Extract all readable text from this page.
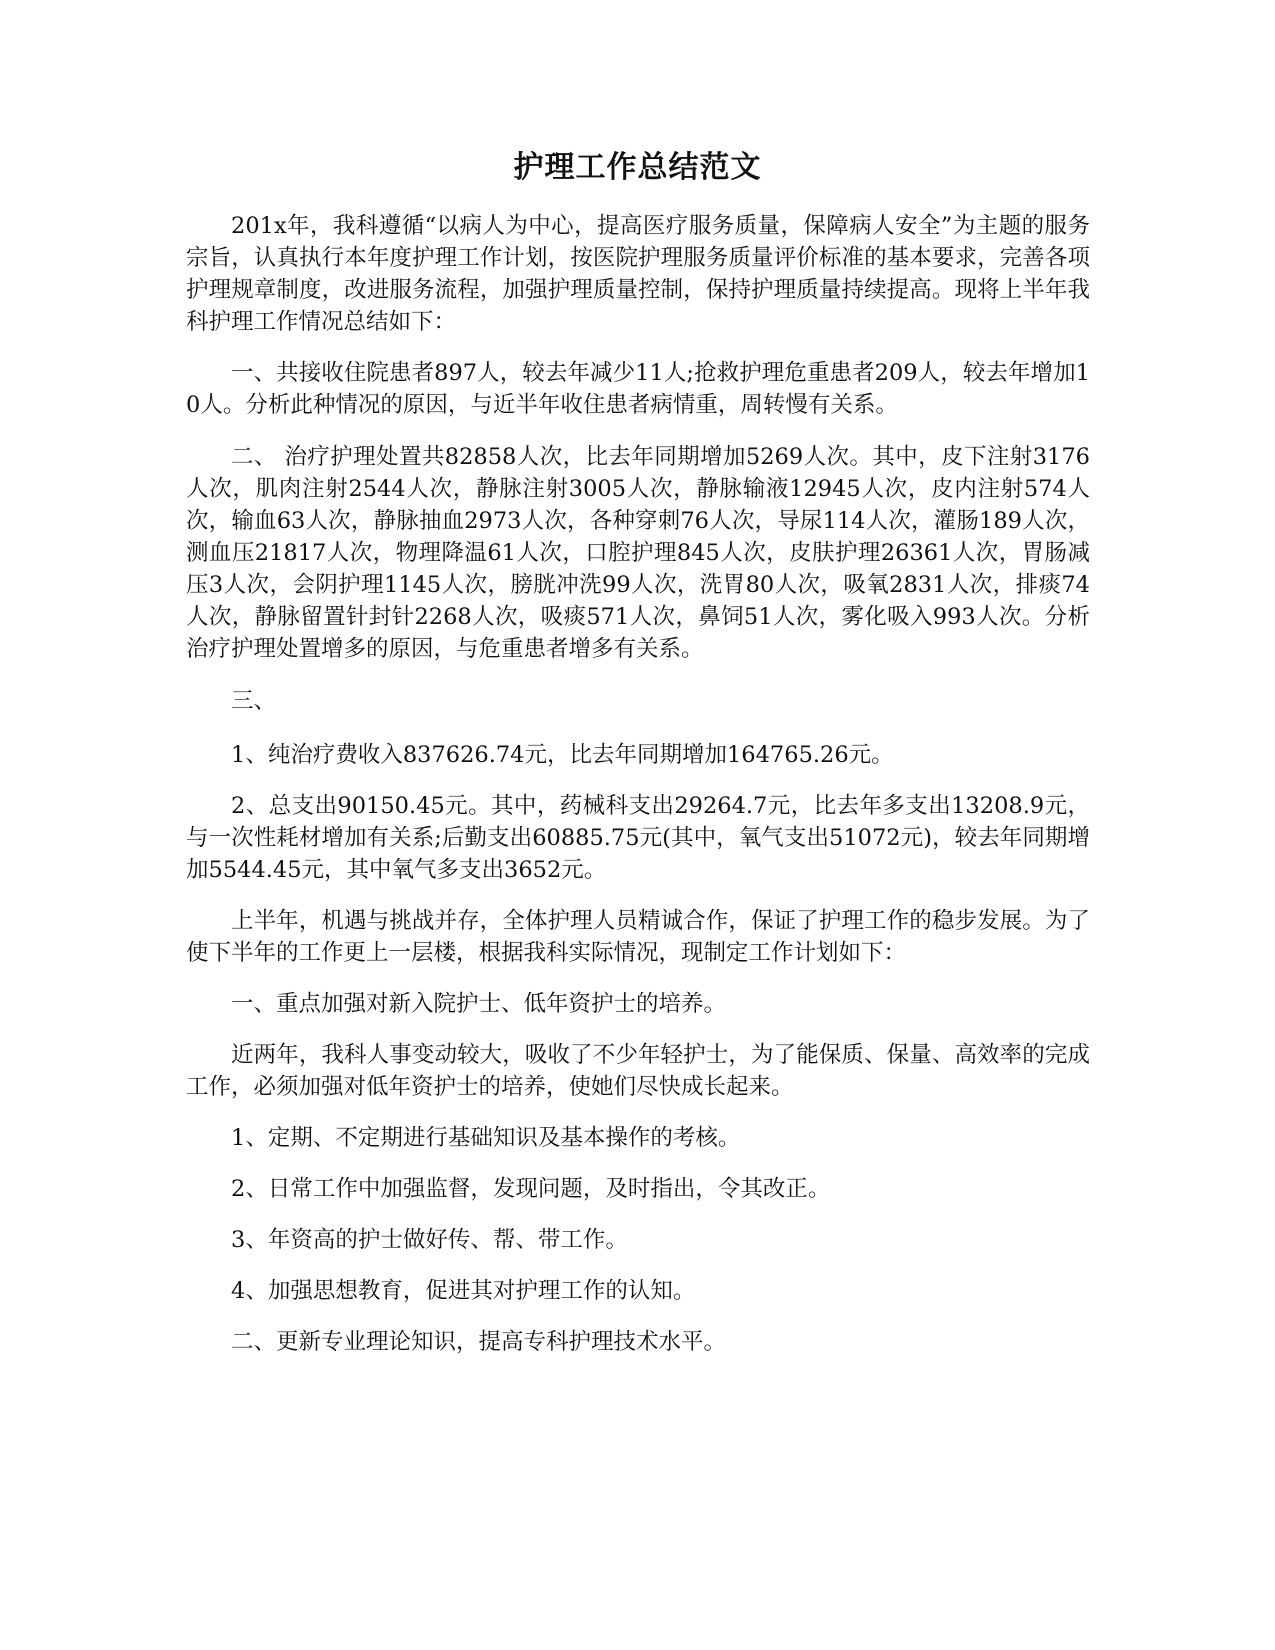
护理工作总结范文

201x年，我科遵循“以病人为中心，提高医疗服务质量，保障病人安全”为主题的服务宗旨，认真执行本年度护理工作计划，按医院护理服务质量评价标准的基本要求，完善各项护理规章制度，改进服务流程，加强护理质量控制，保持护理质量持续提高。现将上半年我科护理工作情况总结如下：

一、共接收住院患者897人，较去年减少11人;抢救护理危重患者209人，较去年增加10人。分析此种情况的原因，与近半年收住患者病情重，周转慢有关系。

二、 治疗护理处置共82858人次，比去年同期增加5269人次。其中，皮下注射3176人次，肌肉注射2544人次，静脉注射3005人次，静脉输液12945人次，皮内注射574人次，输血63人次，静脉抽血2973人次，各种穿刺76人次，导尿114人次，灌肠189人次，测血压21817人次，物理降温61人次，口腔护理845人次，皮肤护理26361人次，胃肠减压3人次，会阴护理1145人次，膀胱冲洗99人次，洗胃80人次，吸氧2831人次，排痰74人次，静脉留置针封针2268人次，吸痰571人次，鼻饲51人次，雾化吸入993人次。分析治疗护理处置增多的原因，与危重患者增多有关系。

三、

1、纯治疗费收入837626.74元，比去年同期增加164765.26元。

2、总支出90150.45元。其中，药械科支出29264.7元，比去年多支出13208.9元，与一次性耗材增加有关系;后勤支出60885.75元(其中，氧气支出51072元)，较去年同期增加5544.45元，其中氧气多支出3652元。

上半年，机遇与挑战并存，全体护理人员精诚合作，保证了护理工作的稳步发展。为了使下半年的工作更上一层楼，根据我科实际情况，现制定工作计划如下：

一、重点加强对新入院护士、低年资护士的培养。

近两年，我科人事变动较大，吸收了不少年轻护士，为了能保质、保量、高效率的完成工作，必须加强对低年资护士的培养，使她们尽快成长起来。

1、定期、不定期进行基础知识及基本操作的考核。

2、日常工作中加强监督，发现问题，及时指出，令其改正。

3、年资高的护士做好传、帮、带工作。

4、加强思想教育，促进其对护理工作的认知。

二、更新专业理论知识，提高专科护理技术水平。
